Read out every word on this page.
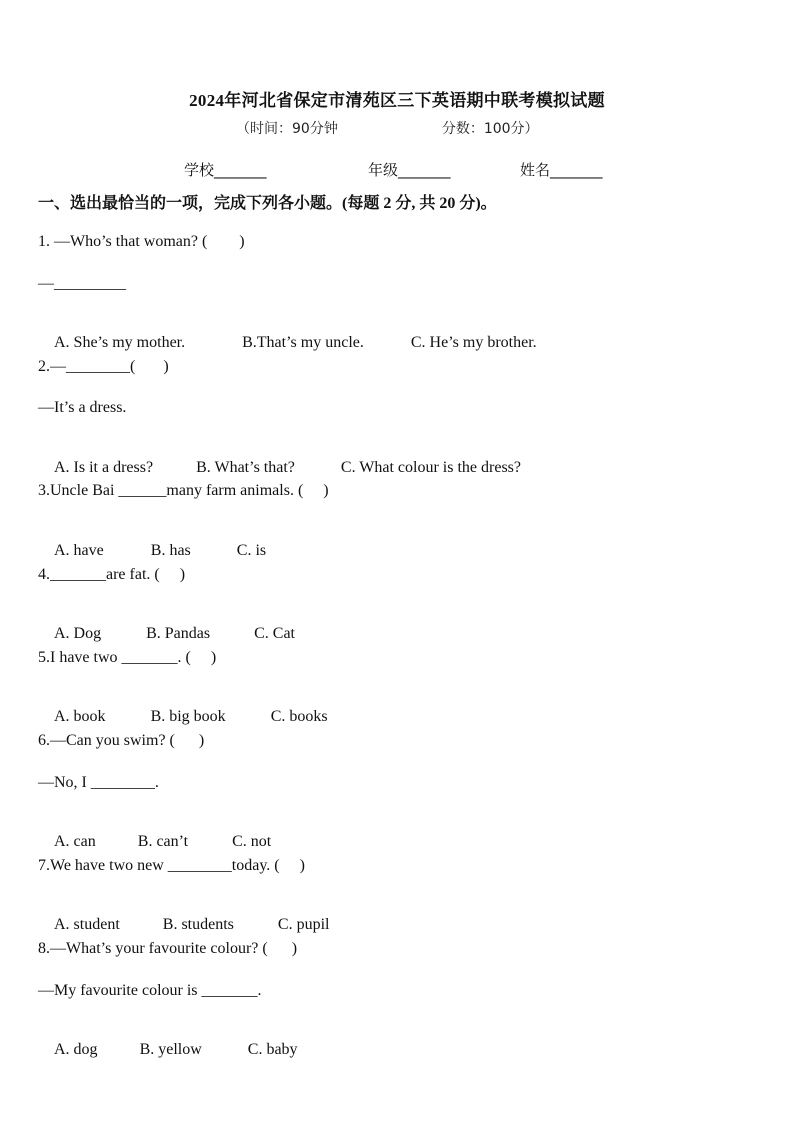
2024年河北省保定市清苑区三下英语期中联考模拟试题
（时间：90分钟	分数：100分）
学校_______	年级_______	姓名_______
一、选出最恰当的一项，完成下列各小题。(每题 2 分, 共 20 分)。
1. —Who’s that woman? (        )
—_________

A. She’s my mother.	B.That’s my uncle.	C. He’s my brother.

2.—________(       )
—It’s a dress.

A. Is it a dress?	B. What’s that?	C. What colour is the dress?

3.Uncle Bai ______many farm animals. (     )

A. have	B. has	C. is

4._______are fat. (     )

A. Dog	B. Pandas	C. Cat

5.I have two _______. (     )

A. book	B. big book	C. books

6.—Can you swim? (      )
—No, I ________.

A. can	B. can’t	C. not

7.We have two new ________today. (     )

A. student	B. students	C. pupil

8.—What’s your favourite colour? (      )
—My favourite colour is _______.

A. dog	B. yellow	C. baby
